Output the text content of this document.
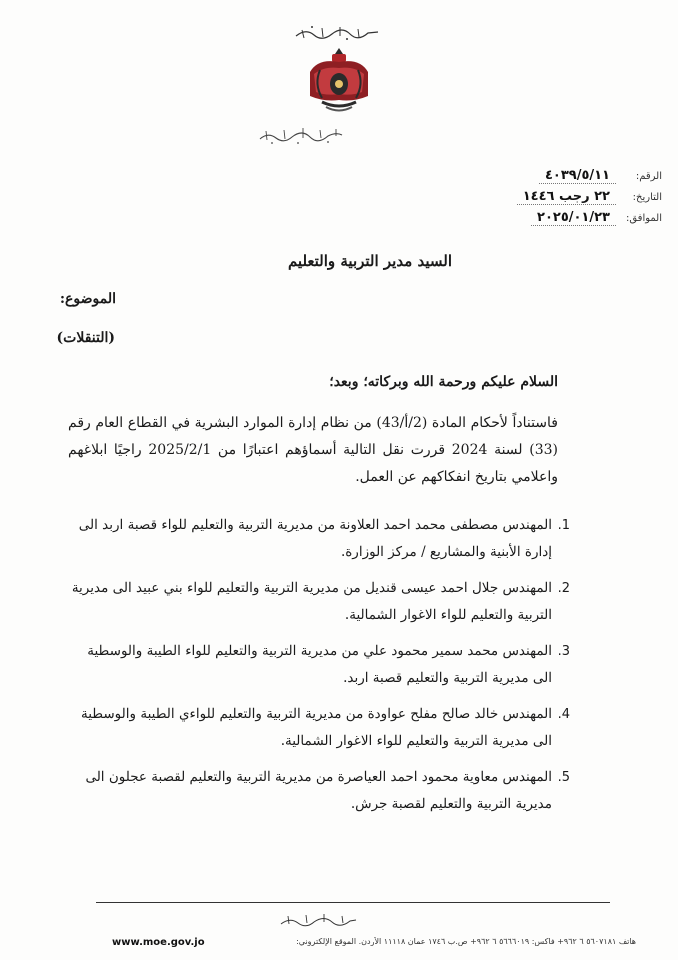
الرقم:
٤٠٣٩/٥/١١
التاريخ:
٢٢ رجب ١٤٤٦
الموافق:
٢٠٢٥/٠١/٢٣
السيد مدير التربية والتعليم
الموضوع:
(التنقلات)
السلام عليكم ورحمة الله وبركاته؛ وبعد؛
فاستناداً لأحكام المادة (2/أ/43) من نظام إدارة الموارد البشرية في القطاع العام رقم (33) لسنة 2024 قررت نقل التالية أسماؤهم اعتبارًا من 2025/2/1 راجيًا ابلاغهم واعلامي بتاريخ انفكاكهم عن العمل.
1.
المهندس مصطفى محمد احمد العلاونة من مديرية التربية والتعليم للواء قصبة اربد الى إدارة الأبنية والمشاريع / مركز الوزارة.
2.
المهندس جلال احمد عيسى قنديل من مديرية التربية والتعليم للواء بني عبيد الى مديرية التربية والتعليم للواء الاغوار الشمالية.
3.
المهندس محمد سمير محمود علي من مديرية التربية والتعليم للواء الطيبة والوسطية الى مديرية التربية والتعليم قصبة اربد.
4.
المهندس خالد صالح مفلح عواودة من مديرية التربية والتعليم للواءي الطيبة والوسطية الى مديرية التربية والتعليم للواء الاغوار الشمالية.
5.
المهندس معاوية محمود احمد العياصرة من مديرية التربية والتعليم لقصبة عجلون الى مديرية التربية والتعليم لقصبة جرش.
هاتف ٥٦٠٧١٨١ ٦ ٩٦٢+ فاكس: ٥٦٦٦٠١٩ ٦ ٩٦٢+ ص.ب ١٧٤٦ عمان ١١١١٨ الأردن. الموقع الإلكتروني:
www.moe.gov.jo
